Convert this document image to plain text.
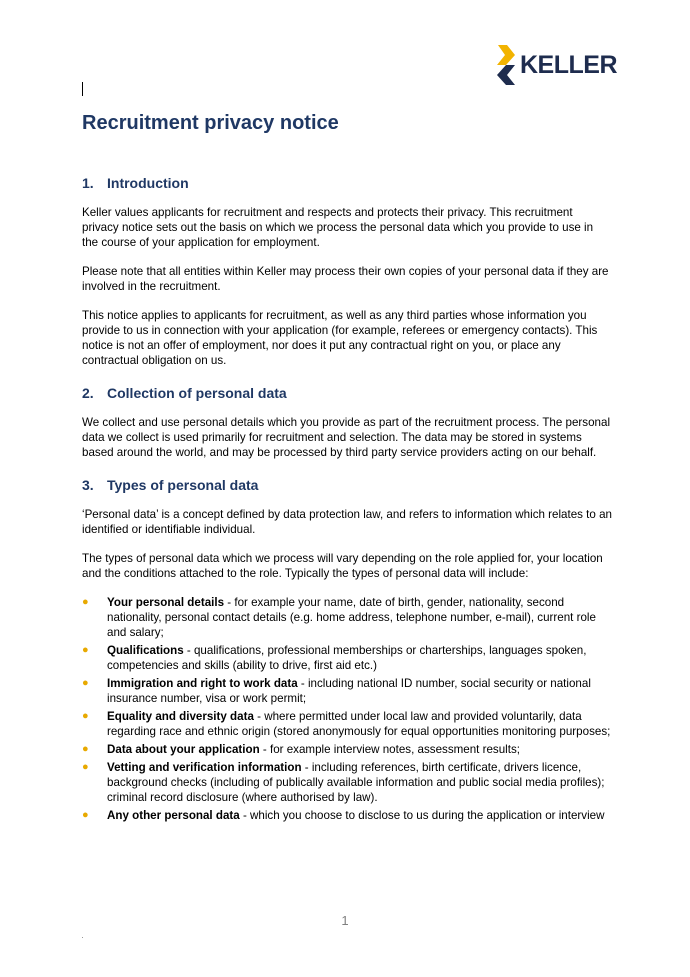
KELLER
Recruitment privacy notice
1. Introduction

Keller values applicants for recruitment and respects and protects their privacy. This recruitment privacy notice sets out the basis on which we process the personal data which you provide to use in the course of your application for employment.

Please note that all entities within Keller may process their own copies of your personal data if they are involved in the recruitment.

This notice applies to applicants for recruitment, as well as any third parties whose information you provide to us in connection with your application (for example, referees or emergency contacts). This notice is not an offer of employment, nor does it put any contractual right on you, or place any contractual obligation on us.

2. Collection of personal data

We collect and use personal details which you provide as part of the recruitment process. The personal data we collect is used primarily for recruitment and selection. The data may be stored in systems based around the world, and may be processed by third party service providers acting on our behalf.

3. Types of personal data

‘Personal data’ is a concept defined by data protection law, and refers to information which relates to an identified or identifiable individual.

The types of personal data which we process will vary depending on the role applied for, your location and the conditions attached to the role. Typically the types of personal data will include:

● Your personal details - for example your name, date of birth, gender, nationality, second nationality, personal contact details (e.g. home address, telephone number, e-mail), current role and salary;
● Qualifications - qualifications, professional memberships or charterships, languages spoken, competencies and skills (ability to drive, first aid etc.)
● Immigration and right to work data - including national ID number, social security or national insurance number, visa or work permit;
● Equality and diversity data - where permitted under local law and provided voluntarily, data regarding race and ethnic origin (stored anonymously for equal opportunities monitoring purposes;
● Data about your application - for example interview notes, assessment results;
● Vetting and verification information - including references, birth certificate, drivers licence, background checks (including of publically available information and public social media profiles); criminal record disclosure (where authorised by law).
● Any other personal data - which you choose to disclose to us during the application or interview
1
